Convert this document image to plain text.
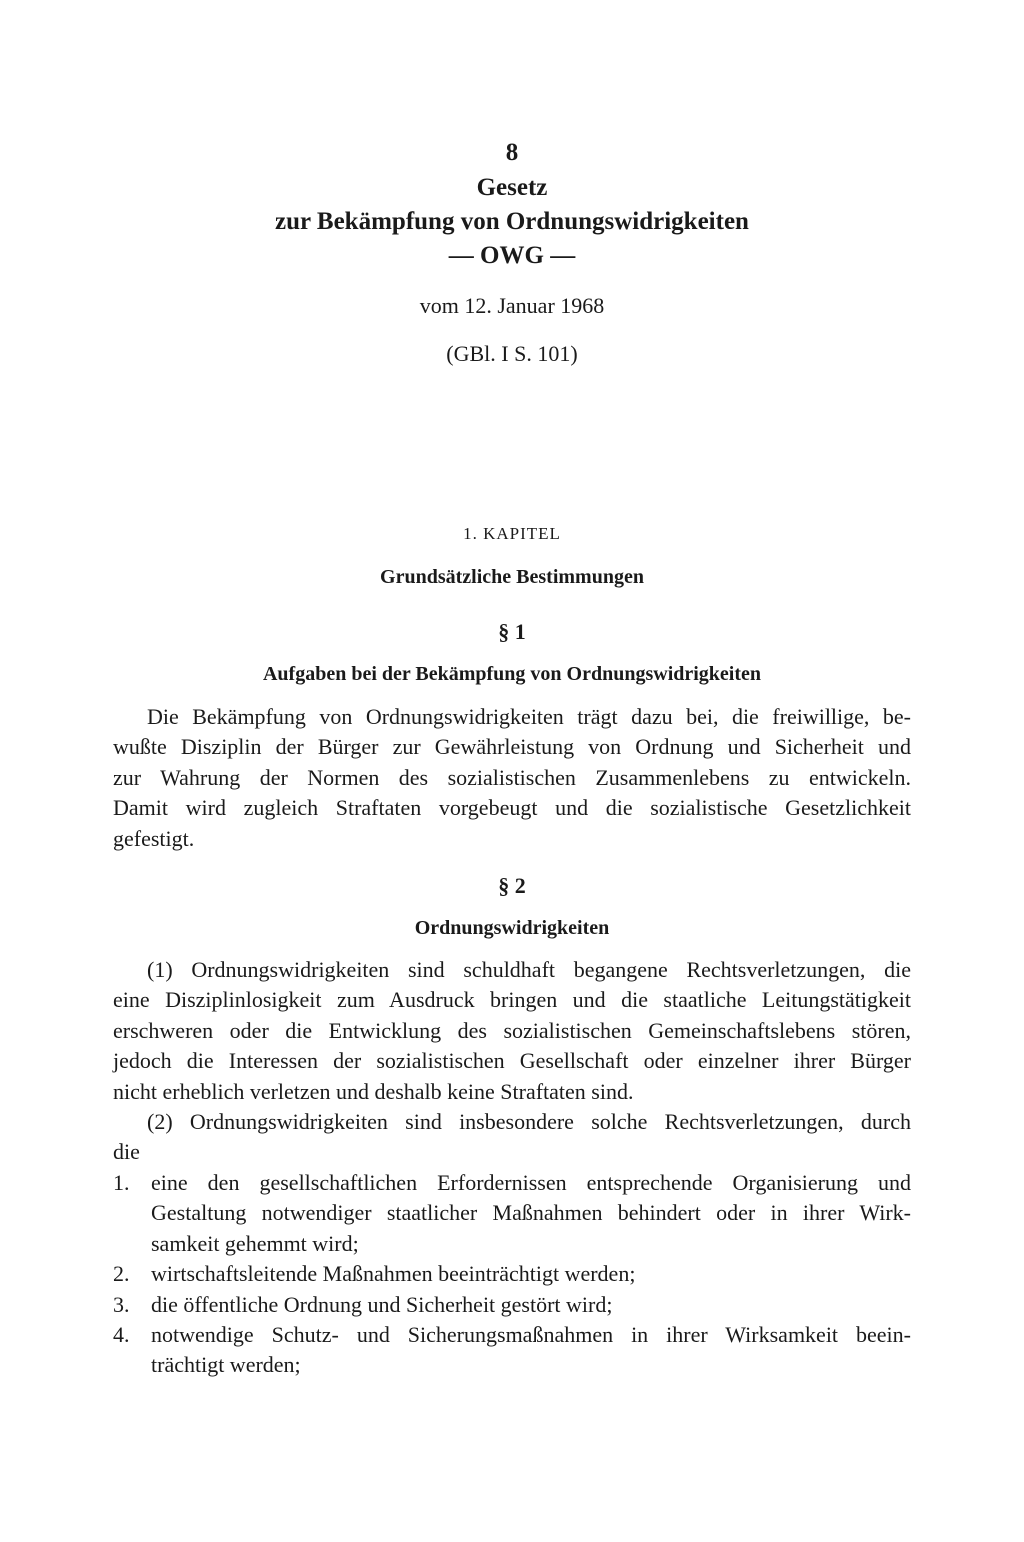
8

Gesetz

zur Bekämpfung von Ordnungswidrigkeiten

— OWG —

vom 12. Januar 1968

(GBl. I S. 101)

1. KAPITEL

Grundsätzliche Bestimmungen

§ 1

Aufgaben bei der Bekämpfung von Ordnungswidrigkeiten

Die Bekämpfung von Ordnungswidrigkeiten trägt dazu bei, die freiwillige, be-
wußte Disziplin der Bürger zur Gewährleistung von Ordnung und Sicherheit und
zur Wahrung der Normen des sozialistischen Zusammenlebens zu entwickeln.
Damit wird zugleich Straftaten vorgebeugt und die sozialistische Gesetzlichkeit
gefestigt.

§ 2

Ordnungswidrigkeiten

(1) Ordnungswidrigkeiten sind schuldhaft begangene Rechtsverletzungen, die
eine Disziplinlosigkeit zum Ausdruck bringen und die staatliche Leitungstätigkeit
erschweren oder die Entwicklung des sozialistischen Gemeinschaftslebens stören,
jedoch die Interessen der sozialistischen Gesellschaft oder einzelner ihrer Bürger
nicht erheblich verletzen und deshalb keine Straftaten sind.
(2) Ordnungswidrigkeiten sind insbesondere solche Rechtsverletzungen, durch
die
1. eine den gesellschaftlichen Erfordernissen entsprechende Organisierung und
Gestaltung notwendiger staatlicher Maßnahmen behindert oder in ihrer Wirk-
samkeit gehemmt wird;
2. wirtschaftsleitende Maßnahmen beeinträchtigt werden;
3. die öffentliche Ordnung und Sicherheit gestört wird;
4. notwendige Schutz- und Sicherungsmaßnahmen in ihrer Wirksamkeit beein-
trächtigt werden;
